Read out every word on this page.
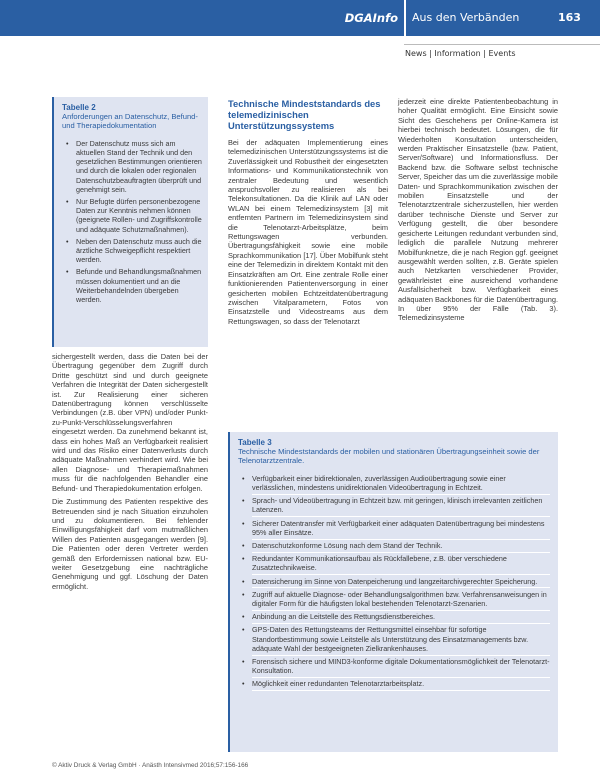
DGAInfo Aus den Verbänden	163
News | Information | Events
Tabelle 2
Anforderungen an Datenschutz, Befund- und Therapiedokumentation
• Der Datenschutz muss sich am aktuellen Stand der Technik und den gesetzlichen Bestimmungen orientieren und durch die lokalen oder regionalen Datenschutzbeauftragten überprüft und genehmigt sein.
• Nur Befugte dürfen personenbezogene Daten zur Kenntnis nehmen können (geeignete Rollen- und Zugriffskontrolle und adäquate Schutzmaßnahmen).
• Neben den Datenschutz muss auch die ärztliche Schweigepflicht respektiert werden.
• Befunde und Behandlungsmaßnahmen müssen dokumentiert und an die Weiterbehandelnden übergeben werden.

sichergestellt werden, dass die Daten bei der Übertragung gegenüber dem Zugriff durch Dritte geschützt sind und durch geeignete Verfahren die Integrität der Daten sichergestellt ist. Zur Realisierung einer sicheren Datenübertragung können verschlüsselte Verbindungen (z.B. über VPN) und/oder Punkt-zu-Punkt-Verschlüsselungsverfahren eingesetzt werden. Da zunehmend bekannt ist, dass ein hohes Maß an Verfügbarkeit realisiert wird und das Risiko einer Datenverlusts durch adäquate Maßnahmen verhindert wird. Wie bei allen Diagnose- und Therapiemaßnahmen muss für die nachfolgenden Behandler eine Befund- und Therapiedokumentation erfolgen.

Die Zustimmung des Patienten respektive des Betreuenden sind je nach Situation einzuholen und zu dokumentieren. Bei fehlender Einwilligungsfähigkeit darf vom mutmaßlichen Willen des Patienten ausgegangen werden [9]. Die Patienten oder deren Vertreter werden gemäß den Erfordernissen national bzw. EU-weiter Gesetzgebung eine nachträgliche Genehmigung und ggf. Löschung der Daten ermöglicht.

Technische Mindeststandards des telemedizinischen Unterstützungssystems

Bei der adäquaten Implementierung eines telemedizinischen Unterstützungssystems ist die Zuverlässigkeit und Robustheit der eingesetzten Informations- und Kommunikationstechnik von zentraler Bedeutung und wesentlich anspruchsvoller zu realisieren als bei Telekonsultationen. Da die Klinik auf LAN oder WLAN bei einem Telemedizinsystem [3] mit entfernten Partnern im Telemedizinsystem sind die Telenotarzt-Arbeitsplätze, beim Rettungswagen verbunden. Übertragungsfähigkeit sowie eine mobile Sprachkommunikation [17]. Über Mobilfunk steht eine der Telemedizin in direktem Kontakt mit den Einsatzkräften am Ort. Eine zentrale Rolle einer funktionierenden Patientenversorgung in einer gesicherten mobilen Echtzeitdatenübertragung zwischen Vitalparametern, Fotos von Einsatzstelle und Videostreams aus dem Rettungswagen, so dass der Telenotarzt

jederzeit eine direkte Patientenbeobachtung in hoher Qualität ermöglicht. Eine Einsicht sowie Sicht des Geschehens per Online-Kamera ist hierbei technisch bedeutet. Lösungen, die für Wiederholten Konsultation unterscheiden, werden Praktischer Einsatzstelle (bzw. Patient, Server/Software) und Informationsfluss. Der Backend bzw. die Software selbst technische Server, Speicher das um die zuverlässige mobile Daten- und Sprachkommunikation zwischen der mobilen Einsatzstelle und der Telenotarztzentrale sicherzustellen, hier werden darüber technische Dienste und Server zur Verfügung gestellt, die über besondere gesicherte Leitungen redundant verbunden sind, lediglich die parallele Nutzung mehrerer Mobilfunknetze, die je nach Region ggf. geeignet ausgewählt werden sollten, z.B. Geräte spielen auch Netzkarten verschiedener Provider, gewährleistet eine ausreichend vorhandene Ausfallsicherheit bzw. Verfügbarkeit eines adäquaten Backbones für die Datenübertragung. In über 95% der Fälle (Tab. 3). Telemedizinsysteme

Tabelle 3
Technische Mindeststandards der mobilen und stationären Übertragungseinheit sowie der Telenotarztzentrale.
• Verfügbarkeit einer bidirektionalen, zuverlässigen Audioübertragung sowie einer verlässlichen, mindestens unidirektionalen Videoübertragung in Echtzeit.
• Sprach- und Videoübertragung in Echtzeit bzw. mit geringen, klinisch irrelevanten zeitlichen Latenzen.
• Sicherer Datentransfer mit Verfügbarkeit einer adäquaten Datenübertragung bei mindestens 95% aller Einsätze.
• Datenschutzkonforme Lösung nach dem Stand der Technik.
• Redundanter Kommunikationsaufbau als Rückfallebene, z.B. über verschiedene Zusatztechnikweise.
• Datensicherung im Sinne von Datenpeicherung und langzeitarchivgerechter Speicherung.
• Zugriff auf aktuelle Diagnose- oder Behandlungsalgorithmen bzw. Verfahrensanweisungen in digitaler Form für die häufigsten lokal bestehenden Telenotarzt-Szenarien.
• Anbindung an die Leitstelle des Rettungsdienstbereiches.
• GPS-Daten des Rettungsteams der Rettungsmittel einsehbar für sofortige Standortbestimmung sowie Leitstelle als Unterstützung des Einsatzmanagements bzw. adäquate Wahl der bestgeeigneten Zielkrankenhauses.
• Forensisch sichere und MIND3-konforme digitale Dokumentationsmöglichkeit der Telenotarzt-Konsultation.
• Möglichkeit einer redundanten Telenotarztarbeitsplatz.
© Aktiv Druck & Verlag GmbH · Anästh Intensivmed 2016;57:156-166
